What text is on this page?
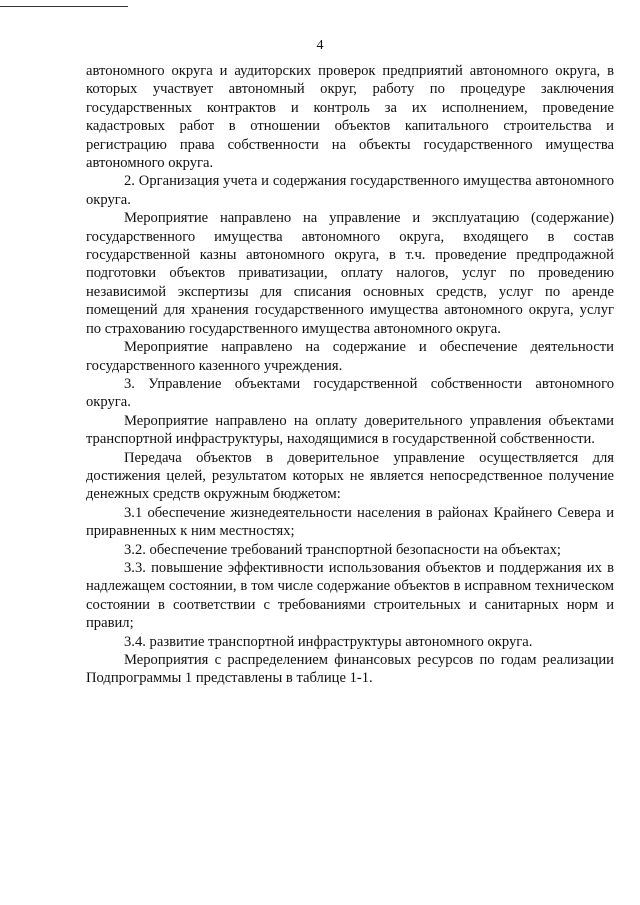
4

автономного округа и аудиторских проверок предприятий автономного округа, в которых участвует автономный округ, работу по процедуре заключения государственных контрактов и контроль за их исполнением, проведение кадастровых работ в отношении объектов капитального строительства и регистрацию права собственности на объекты государственного имущества автономного округа.

2. Организация учета и содержания государственного имущества автономного округа.

Мероприятие направлено на управление и эксплуатацию (содержание) государственного имущества автономного округа, входящего в состав государственной казны автономного округа, в т.ч. проведение предпродажной подготовки объектов приватизации, оплату налогов, услуг по проведению независимой экспертизы для списания основных средств, услуг по аренде помещений для хранения государственного имущества автономного округа, услуг по страхованию государственного имущества автономного округа.

Мероприятие направлено на содержание и обеспечение деятельности государственного казенного учреждения.

3. Управление объектами государственной собственности автономного округа.

Мероприятие направлено на оплату доверительного управления объектами транспортной инфраструктуры, находящимися в государственной собственности.

Передача объектов в доверительное управление осуществляется для достижения целей, результатом которых не является непосредственное получение денежных средств окружным бюджетом:

3.1 обеспечение жизнедеятельности населения в районах Крайнего Севера и приравненных к ним местностях;

3.2. обеспечение требований транспортной безопасности на объектах;

3.3. повышение эффективности использования объектов и поддержания их в надлежащем состоянии, в том числе содержание объектов в исправном техническом состоянии в соответствии с требованиями строительных и санитарных норм и правил;

3.4. развитие транспортной инфраструктуры автономного округа.

Мероприятия с распределением финансовых ресурсов по годам реализации Подпрограммы 1 представлены в таблице 1-1.
